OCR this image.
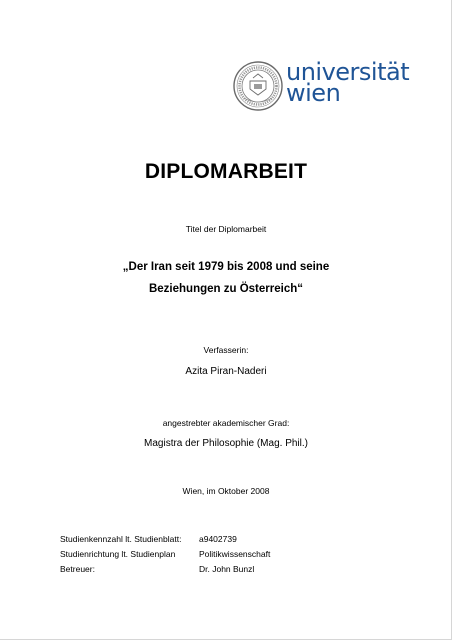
universität
wien
DIPLOMARBEIT
Titel der Diplomarbeit
„Der Iran seit 1979 bis 2008 und seine
Beziehungen zu Österreich“
Verfasserin:
Azita Piran-Naderi
angestrebter akademischer Grad:
Magistra der Philosophie (Mag. Phil.)
Wien, im Oktober 2008
Studienkennzahl lt. Studienblatt:	a9402739
Studienrichtung lt. Studienplan	Politikwissenschaft
Betreuer:	Dr. John Bunzl
